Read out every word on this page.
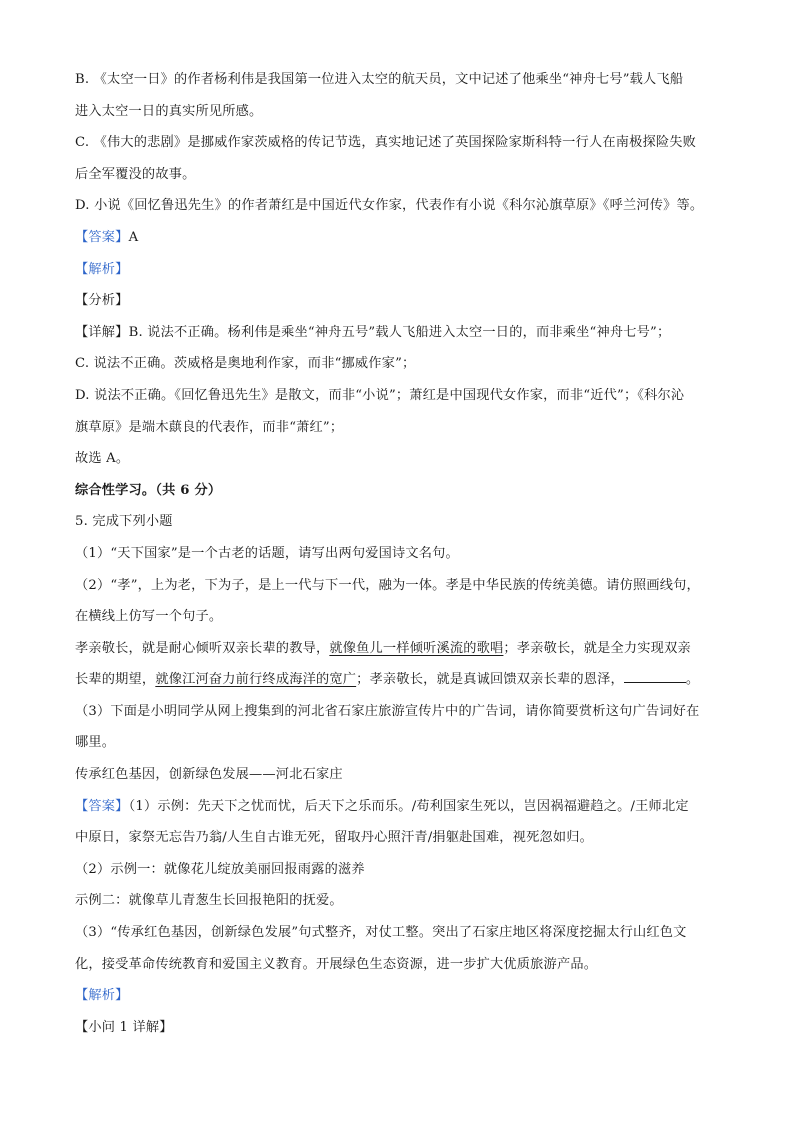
B. 《太空一日》的作者杨利伟是我国第一位进入太空的航天员，文中记述了他乘坐“神舟七号”载人飞船
进入太空一日的真实所见所感。
C. 《伟大的悲剧》是挪威作家茨威格的传记节选，真实地记述了英国探险家斯科特一行人在南极探险失败
后全军覆没的故事。
D. 小说《回忆鲁迅先生》的作者萧红是中国近代女作家，代表作有小说《科尔沁旗草原》《呼兰河传》等。
【答案】A
【解析】
【分析】
【详解】B. 说法不正确。杨利伟是乘坐“神舟五号”载人飞船进入太空一日的，而非乘坐“神舟七号”；
C. 说法不正确。茨威格是奥地利作家，而非“挪威作家”；
D. 说法不正确。《回忆鲁迅先生》是散文，而非“小说”；萧红是中国现代女作家，而非“近代”；《科尔沁
旗草原》是端木蕻良的代表作，而非“萧红”；
故选 A。
综合性学习。（共 6 分）
5. 完成下列小题
（1）“天下国家”是一个古老的话题，请写出两句爱国诗文名句。
（2）“孝”，上为老，下为子，是上一代与下一代，融为一体。孝是中华民族的传统美德。请仿照画线句，
在横线上仿写一个句子。
孝亲敬长，就是耐心倾听双亲长辈的教导，就像鱼儿一样倾听溪流的歌唱；孝亲敬长，就是全力实现双亲
长辈的期望，就像江河奋力前行终成海洋的宽广；孝亲敬长，就是真诚回馈双亲长辈的恩泽，	。
（3）下面是小明同学从网上搜集到的河北省石家庄旅游宣传片中的广告词，请你简要赏析这句广告词好在
哪里。
传承红色基因，创新绿色发展——河北石家庄
【答案】（1）示例：先天下之忧而忧，后天下之乐而乐。/苟利国家生死以，岂因祸福避趋之。/王师北定
中原日，家祭无忘告乃翁/人生自古谁无死，留取丹心照汗青/捐躯赴国难，视死忽如归。
（2）示例一：就像花儿绽放美丽回报雨露的滋养
示例二：就像草儿青葱生长回报艳阳的抚爱。
（3）“传承红色基因，创新绿色发展”句式整齐，对仗工整。突出了石家庄地区将深度挖掘太行山红色文
化，接受革命传统教育和爱国主义教育。开展绿色生态资源，进一步扩大优质旅游产品。
【解析】
【小问 1 详解】
